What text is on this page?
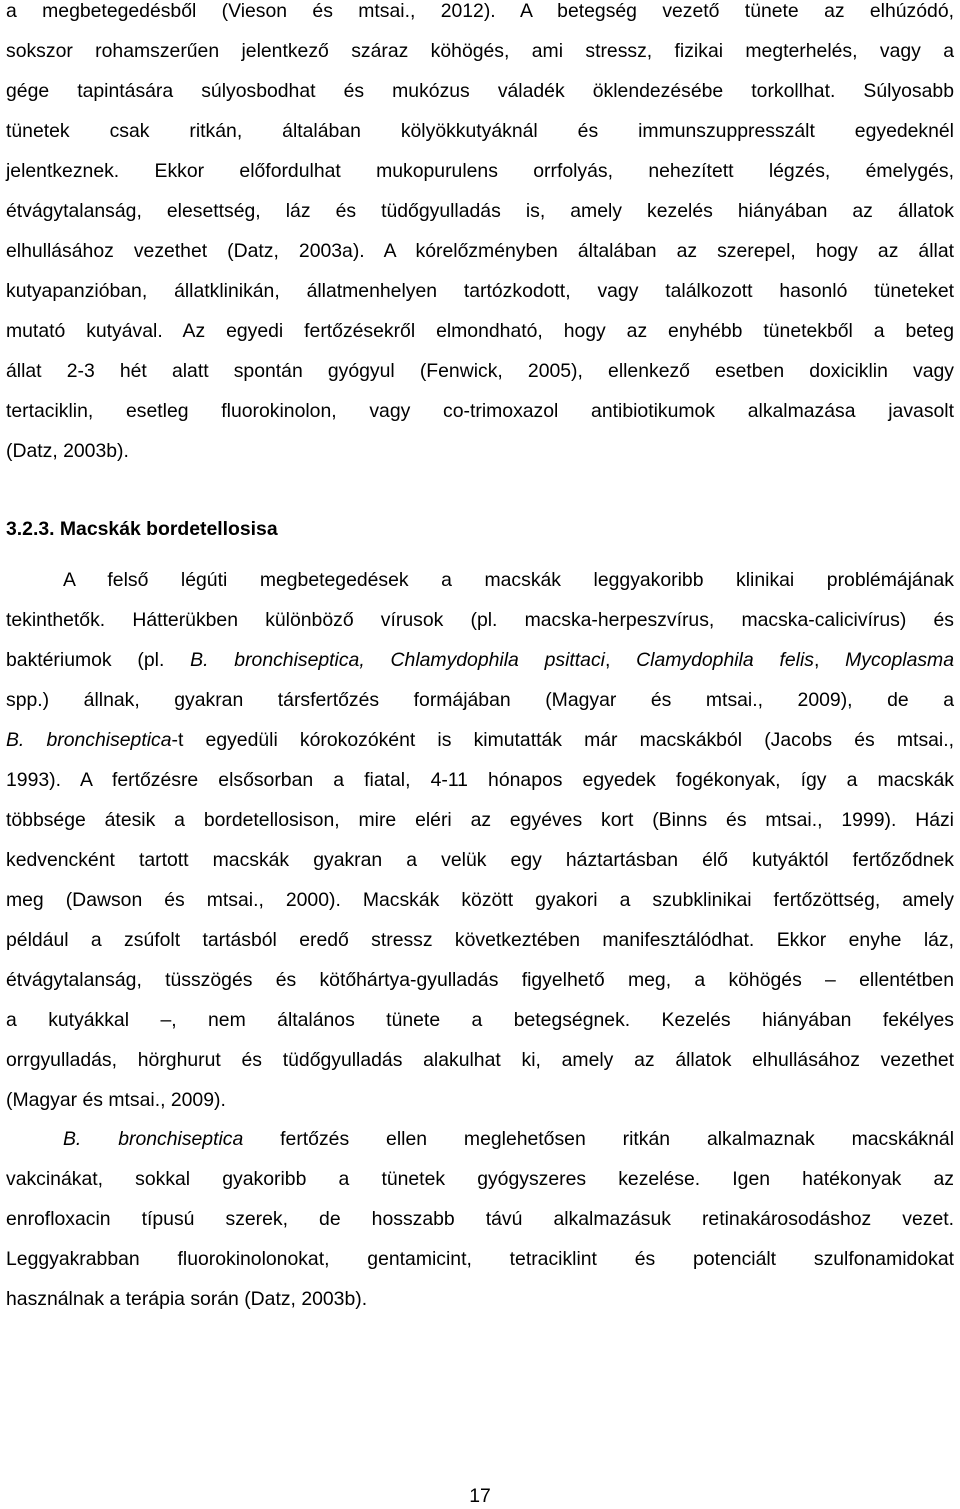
a megbetegedésből (Vieson és mtsai., 2012). A betegség vezető tünete az elhúzódó,
sokszor rohamszerűen jelentkező száraz köhögés, ami stressz, fizikai megterhelés, vagy a
gége tapintására súlyosbodhat és mukózus váladék öklendezésébe torkollhat. Súlyosabb
tünetek csak ritkán, általában kölyökkutyáknál és immunszuppresszált egyedeknél
jelentkeznek. Ekkor előfordulhat mukopurulens orrfolyás, nehezített légzés, émelygés,
étvágytalanság, elesettség, láz és tüdőgyulladás is, amely kezelés hiányában az állatok
elhullásához vezethet (Datz, 2003a). A kórelőzményben általában az szerepel, hogy az állat
kutyapanzióban, állatklinikán, állatmenhelyen tartózkodott, vagy találkozott hasonló tüneteket
mutató kutyával. Az egyedi fertőzésekről elmondható, hogy az enyhébb tünetekből a beteg
állat 2-3 hét alatt spontán gyógyul (Fenwick, 2005), ellenkező esetben doxiciklin vagy
tertaciklin, esetleg fluorokinolon, vagy co-trimoxazol antibiotikumok alkalmazása javasolt
(Datz, 2003b).
3.2.3. Macskák bordetellosisa
A felső légúti megbetegedések a macskák leggyakoribb klinikai problémájának
tekinthetők. Hátterükben különböző vírusok (pl. macska-herpeszvírus, macska-calicivírus) és
baktériumok (pl. B. bronchiseptica, Chlamydophila psittaci, Clamydophila felis, Mycoplasma
spp.) állnak, gyakran társfertőzés formájában (Magyar és mtsai., 2009), de a
B. bronchiseptica-t egyedüli kórokozóként is kimutatták már macskákból (Jacobs és mtsai.,
1993). A fertőzésre elsősorban a fiatal, 4-11 hónapos egyedek fogékonyak, így a macskák
többsége átesik a bordetellosison, mire eléri az egyéves kort (Binns és mtsai., 1999). Házi
kedvencként tartott macskák gyakran a velük egy háztartásban élő kutyáktól fertőződnek
meg (Dawson és mtsai., 2000). Macskák között gyakori a szubklinikai fertőzöttség, amely
például a zsúfolt tartásból eredő stressz következtében manifesztálódhat. Ekkor enyhe láz,
étvágytalanság, tüsszögés és kötőhártya-gyulladás figyelhető meg, a köhögés – ellentétben
a kutyákkal –, nem általános tünete a betegségnek. Kezelés hiányában fekélyes
orrgyulladás, hörghurut és tüdőgyulladás alakulhat ki, amely az állatok elhullásához vezethet
(Magyar és mtsai., 2009).
B. bronchiseptica fertőzés ellen meglehetősen ritkán alkalmaznak macskáknál
vakcinákat, sokkal gyakoribb a tünetek gyógyszeres kezelése. Igen hatékonyak az
enrofloxacin típusú szerek, de hosszabb távú alkalmazásuk retinakárosodáshoz vezet.
Leggyakrabban fluorokinolonokat, gentamicint, tetraciklint és potenciált szulfonamidokat
használnak a terápia során (Datz, 2003b).
17
